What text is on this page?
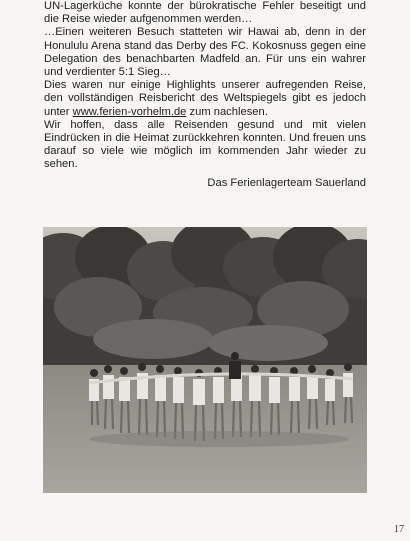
UN-Lagerküche konnte der bürokratische Fehler beseitigt und die Reise wieder aufgenommen werden…

…Einen weiteren Besuch statteten wir Hawai ab, denn in der Honululu Arena stand das Derby des FC. Kokosnuss gegen eine Delegation des benachbarten Madfeld an. Für uns ein wahrer und verdienter 5:1 Sieg…

Dies waren nur einige Highlights unserer aufregenden Reise, den vollständigen Reisbericht des Weltspiegels gibt es jedoch unter www.ferien-vorhelm.de zum nachlesen.

Wir hoffen, dass alle Reisenden gesund und mit vielen Eindrücken in die Heimat zurückkehren konnten. Und freuen uns darauf so viele wie möglich im kommenden Jahr wieder zu sehen.

Das Ferienlagerteam Sauerland

17
